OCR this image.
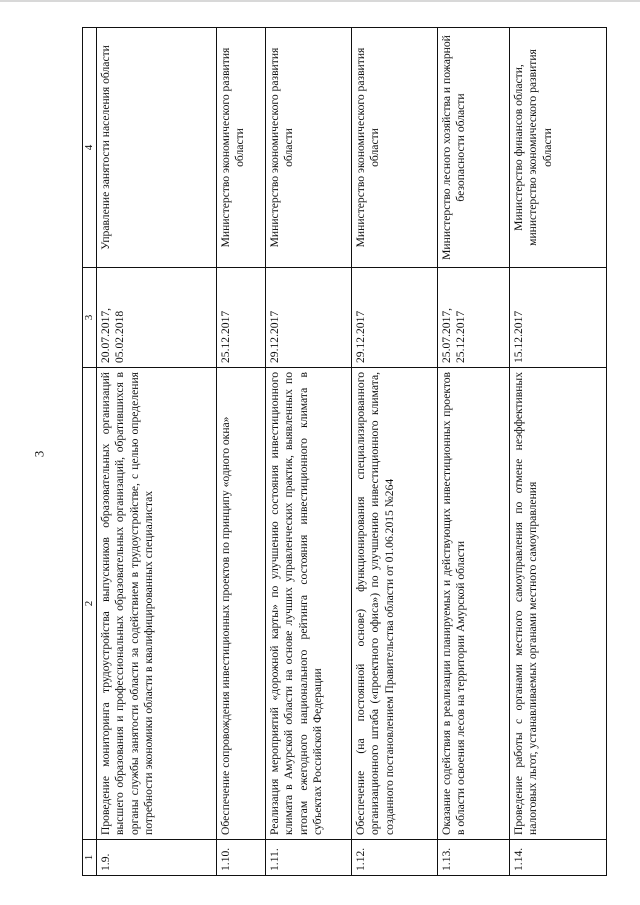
3
1	2	3	4
1.9.	Проведение мониторинга трудоустройства выпускников образовательных организаций высшего образования и профессиональных образовательных организаций, обратившихся в органы службы занятости области за содействием в трудоустройстве, с целью определения потребности экономики области в квалифицированных специалистах	20.07.2017, 05.02.2018	Управление занятости населения области
1.10.	Обеспечение сопровождения инвестиционных проектов по принципу «одного окна»	25.12.2017	Министерство экономического развития области
1.11.	Реализация мероприятий «дорожной карты» по улучшению состояния инвестиционного климата в Амурской области на основе лучших управленческих практик, выявленных по итогам ежегодного национального рейтинга состояния инвестиционного климата в субъектах Российской Федерации	29.12.2017	Министерство экономического развития области
1.12.	Обеспечение (на постоянной основе) функционирования специализированного организационного штаба («проектного офиса») по улучшению инвестиционного климата, созданного постановлением Правительства области от 01.06.2015 №264	29.12.2017	Министерство экономического развития области
1.13.	Оказание содействия в реализации планируемых и действующих инвестиционных проектов в области освоения лесов на территории Амурской области	25.07.2017, 25.12.2017	Министерство лесного хозяйства и пожарной безопасности области
1.14.	Проведение работы с органами местного самоуправления по отмене неэффективных налоговых льгот, устанавливаемых органами местного самоуправления	15.12.2017	Министерство финансов области, министерство экономического развития области
